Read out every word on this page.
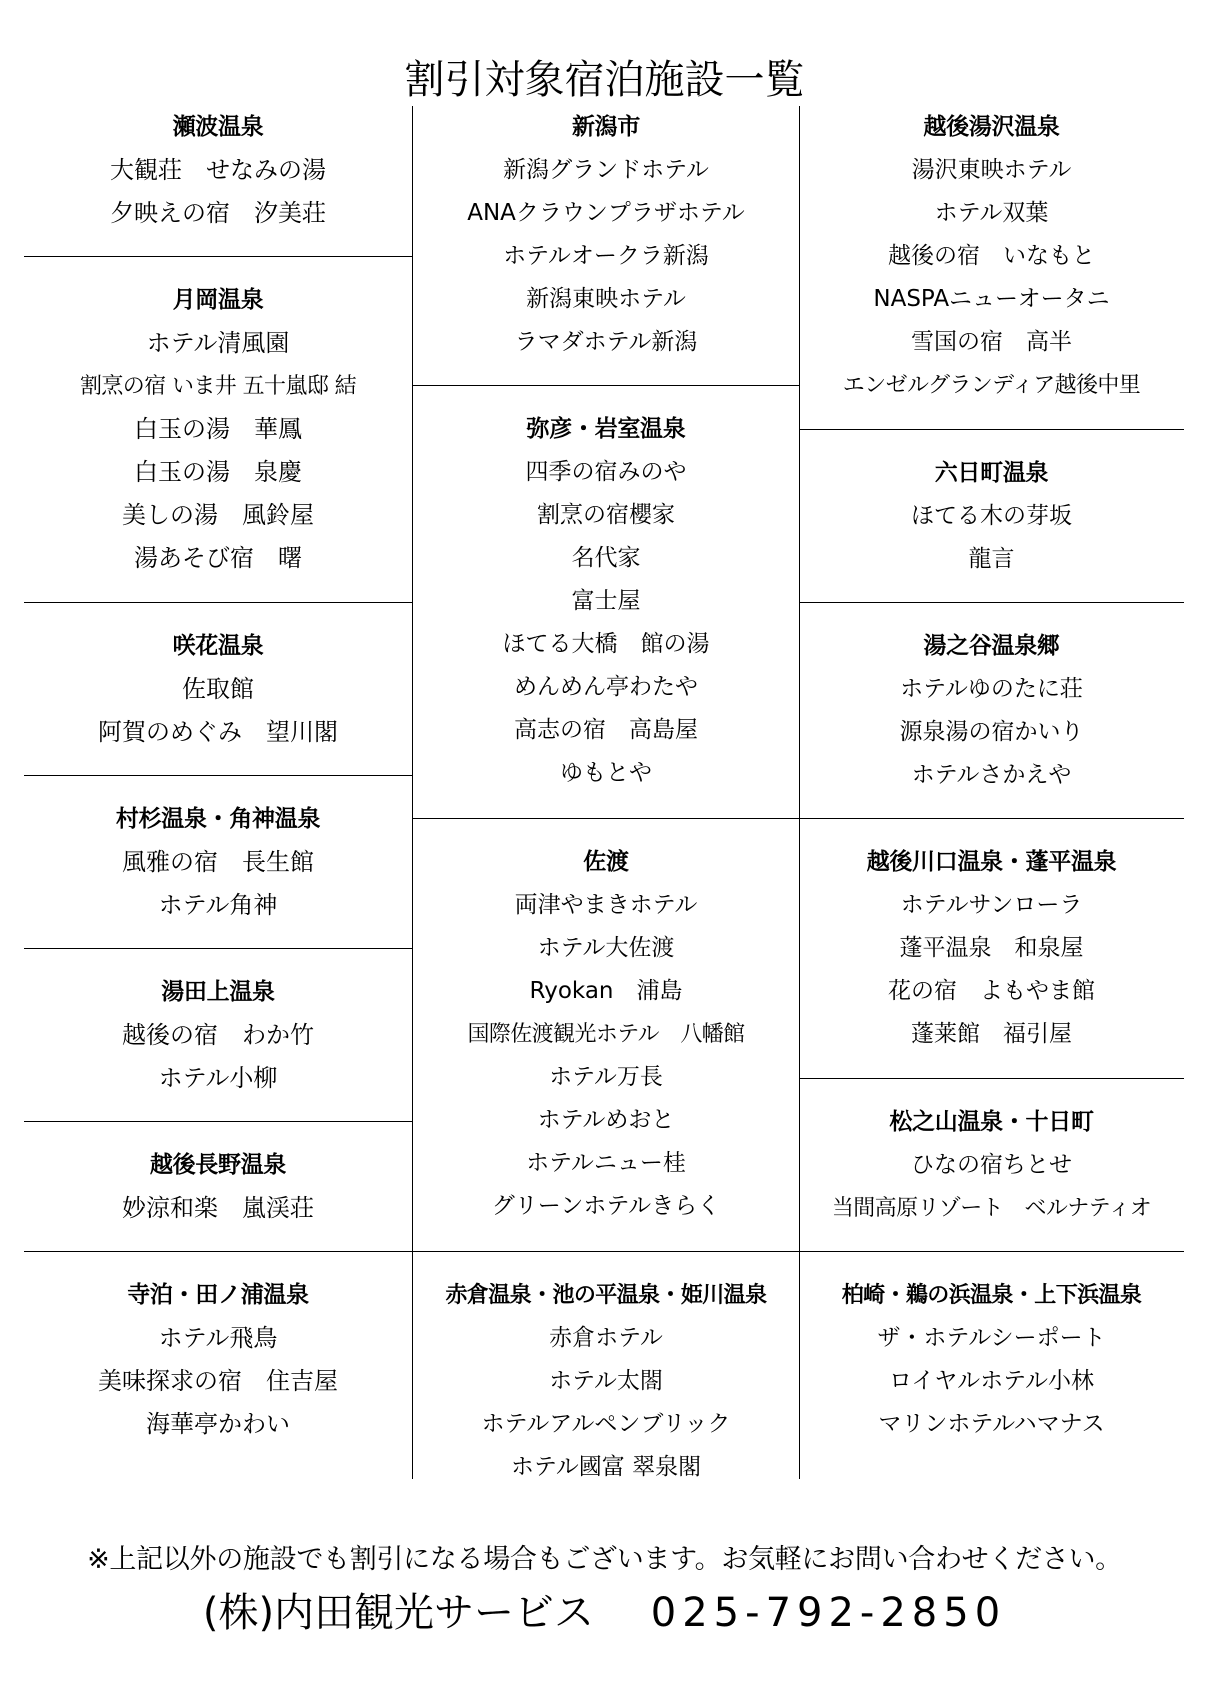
割引対象宿泊施設一覧
瀬波温泉
大観荘　せなみの湯
夕映えの宿　汐美荘
月岡温泉
ホテル清風園
割烹の宿 いま井 五十嵐邸 結
白玉の湯　華鳳
白玉の湯　泉慶
美しの湯　風鈴屋
湯あそび宿　曙
咲花温泉
佐取館
阿賀のめぐみ　望川閣
村杉温泉・角神温泉
風雅の宿　長生館
ホテル角神
湯田上温泉
越後の宿　わか竹
ホテル小柳
越後長野温泉
妙涼和楽　嵐渓荘
寺泊・田ノ浦温泉
ホテル飛鳥
美味探求の宿　住吉屋
海華亭かわい
新潟市
新潟グランドホテル
ANAクラウンプラザホテル
ホテルオークラ新潟
新潟東映ホテル
ラマダホテル新潟
弥彦・岩室温泉
四季の宿みのや
割烹の宿櫻家
名代家
富士屋
ほてる大橋　館の湯
めんめん亭わたや
高志の宿　高島屋
ゆもとや
佐渡
両津やまきホテル
ホテル大佐渡
Ryokan　浦島
国際佐渡観光ホテル　八幡館
ホテル万長
ホテルめおと
ホテルニュー桂
グリーンホテルきらく
赤倉温泉・池の平温泉・姫川温泉
赤倉ホテル
ホテル太閤
ホテルアルペンブリック
ホテル國富 翠泉閣
越後湯沢温泉
湯沢東映ホテル
ホテル双葉
越後の宿　いなもと
NASPAニューオータニ
雪国の宿　高半
エンゼルグランディア越後中里
六日町温泉
ほてる木の芽坂
龍言
湯之谷温泉郷
ホテルゆのたに荘
源泉湯の宿かいり
ホテルさかえや
越後川口温泉・蓬平温泉
ホテルサンローラ
蓬平温泉　和泉屋
花の宿　よもやま館
蓬莱館　福引屋
松之山温泉・十日町
ひなの宿ちとせ
当間高原リゾート　ベルナティオ
柏崎・鵜の浜温泉・上下浜温泉
ザ・ホテルシーポート
ロイヤルホテル小林
マリンホテルハマナス
※上記以外の施設でも割引になる場合もございます。お気軽にお問い合わせください。
(株)内田観光サービス 025-792-2850
